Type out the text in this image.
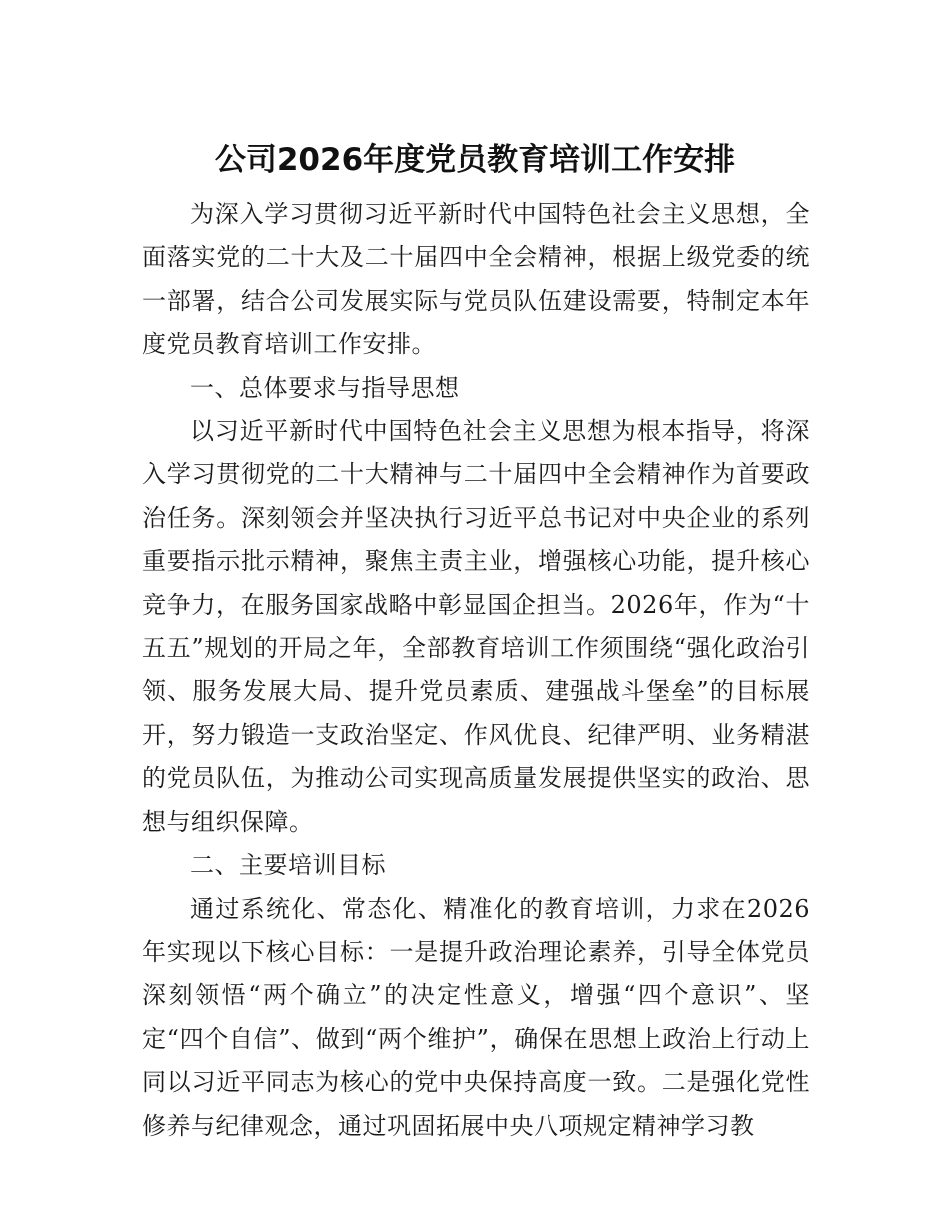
公司2026年度党员教育培训工作安排

为深入学习贯彻习近平新时代中国特色社会主义思想，全面落实党的二十大及二十届四中全会精神，根据上级党委的统一部署，结合公司发展实际与党员队伍建设需要，特制定本年度党员教育培训工作安排。

一、总体要求与指导思想

以习近平新时代中国特色社会主义思想为根本指导，将深入学习贯彻党的二十大精神与二十届四中全会精神作为首要政治任务。深刻领会并坚决执行习近平总书记对中央企业的系列重要指示批示精神，聚焦主责主业，增强核心功能，提升核心竞争力，在服务国家战略中彰显国企担当。2026年，作为“十五五”规划的开局之年，全部教育培训工作须围绕“强化政治引领、服务发展大局、提升党员素质、建强战斗堡垒”的目标展开，努力锻造一支政治坚定、作风优良、纪律严明、业务精湛的党员队伍，为推动公司实现高质量发展提供坚实的政治、思想与组织保障。

二、主要培训目标

通过系统化、常态化、精准化的教育培训，力求在2026年实现以下核心目标：一是提升政治理论素养，引导全体党员深刻领悟“两个确立”的决定性意义，增强“四个意识”、坚定“四个自信”、做到“两个维护”，确保在思想上政治上行动上同以习近平同志为核心的党中央保持高度一致。二是强化党性修养与纪律观念，通过巩固拓展中央八项规定精神学习教
